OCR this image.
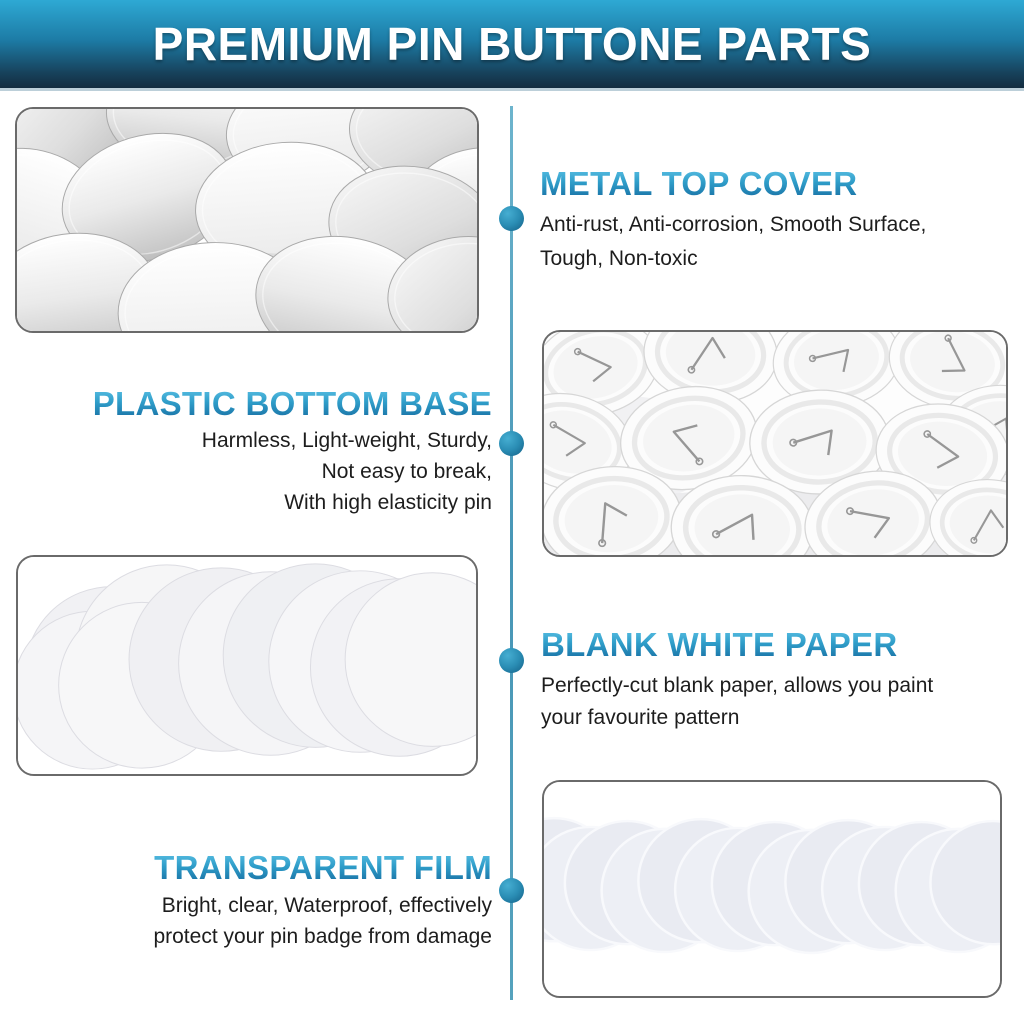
PREMIUM PIN BUTTONE PARTS
METAL TOP COVER
Anti-rust, Anti-corrosion, Smooth Surface,
Tough, Non-toxic
PLASTIC BOTTOM BASE
Harmless, Light-weight, Sturdy,
Not easy to break,
With high elasticity pin
BLANK WHITE PAPER
Perfectly-cut blank paper, allows you paint
your favourite pattern
TRANSPARENT FILM
Bright, clear, Waterproof, effectively
protect your pin badge from damage
